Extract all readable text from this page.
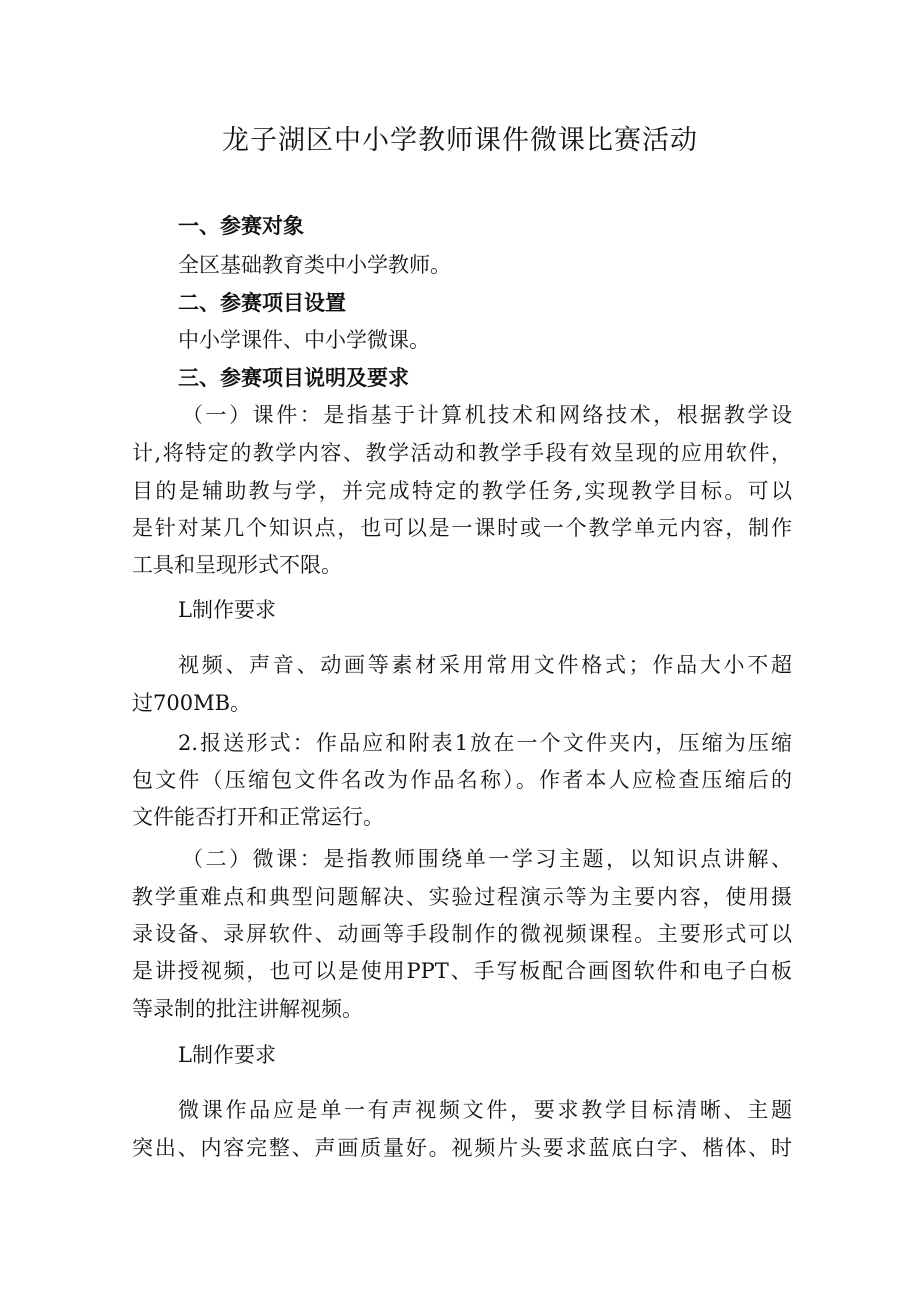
龙子湖区中小学教师课件微课比赛活动
一、参赛对象
全区基础教育类中小学教师。
二、参赛项目设置
中小学课件、中小学微课。
三、参赛项目说明及要求
（一）课件：是指基于计算机技术和网络技术，根据教学设
计,将特定的教学内容、教学活动和教学手段有效呈现的应用软件，
目的是辅助教与学，并完成特定的教学任务,实现教学目标。可以
是针对某几个知识点，也可以是一课时或一个教学单元内容，制作
工具和呈现形式不限。
L制作要求
视频、声音、动画等素材采用常用文件格式；作品大小不超
过700MB。
2.报送形式：作品应和附表1放在一个文件夹内，压缩为压缩
包文件（压缩包文件名改为作品名称）。作者本人应检查压缩后的
文件能否打开和正常运行。
（二）微课：是指教师围绕单一学习主题，以知识点讲解、
教学重难点和典型问题解决、实验过程演示等为主要内容，使用摄
录设备、录屏软件、动画等手段制作的微视频课程。主要形式可以
是讲授视频，也可以是使用PPT、手写板配合画图软件和电子白板
等录制的批注讲解视频。
L制作要求
微课作品应是单一有声视频文件，要求教学目标清晰、主题
突出、内容完整、声画质量好。视频片头要求蓝底白字、楷体、时
